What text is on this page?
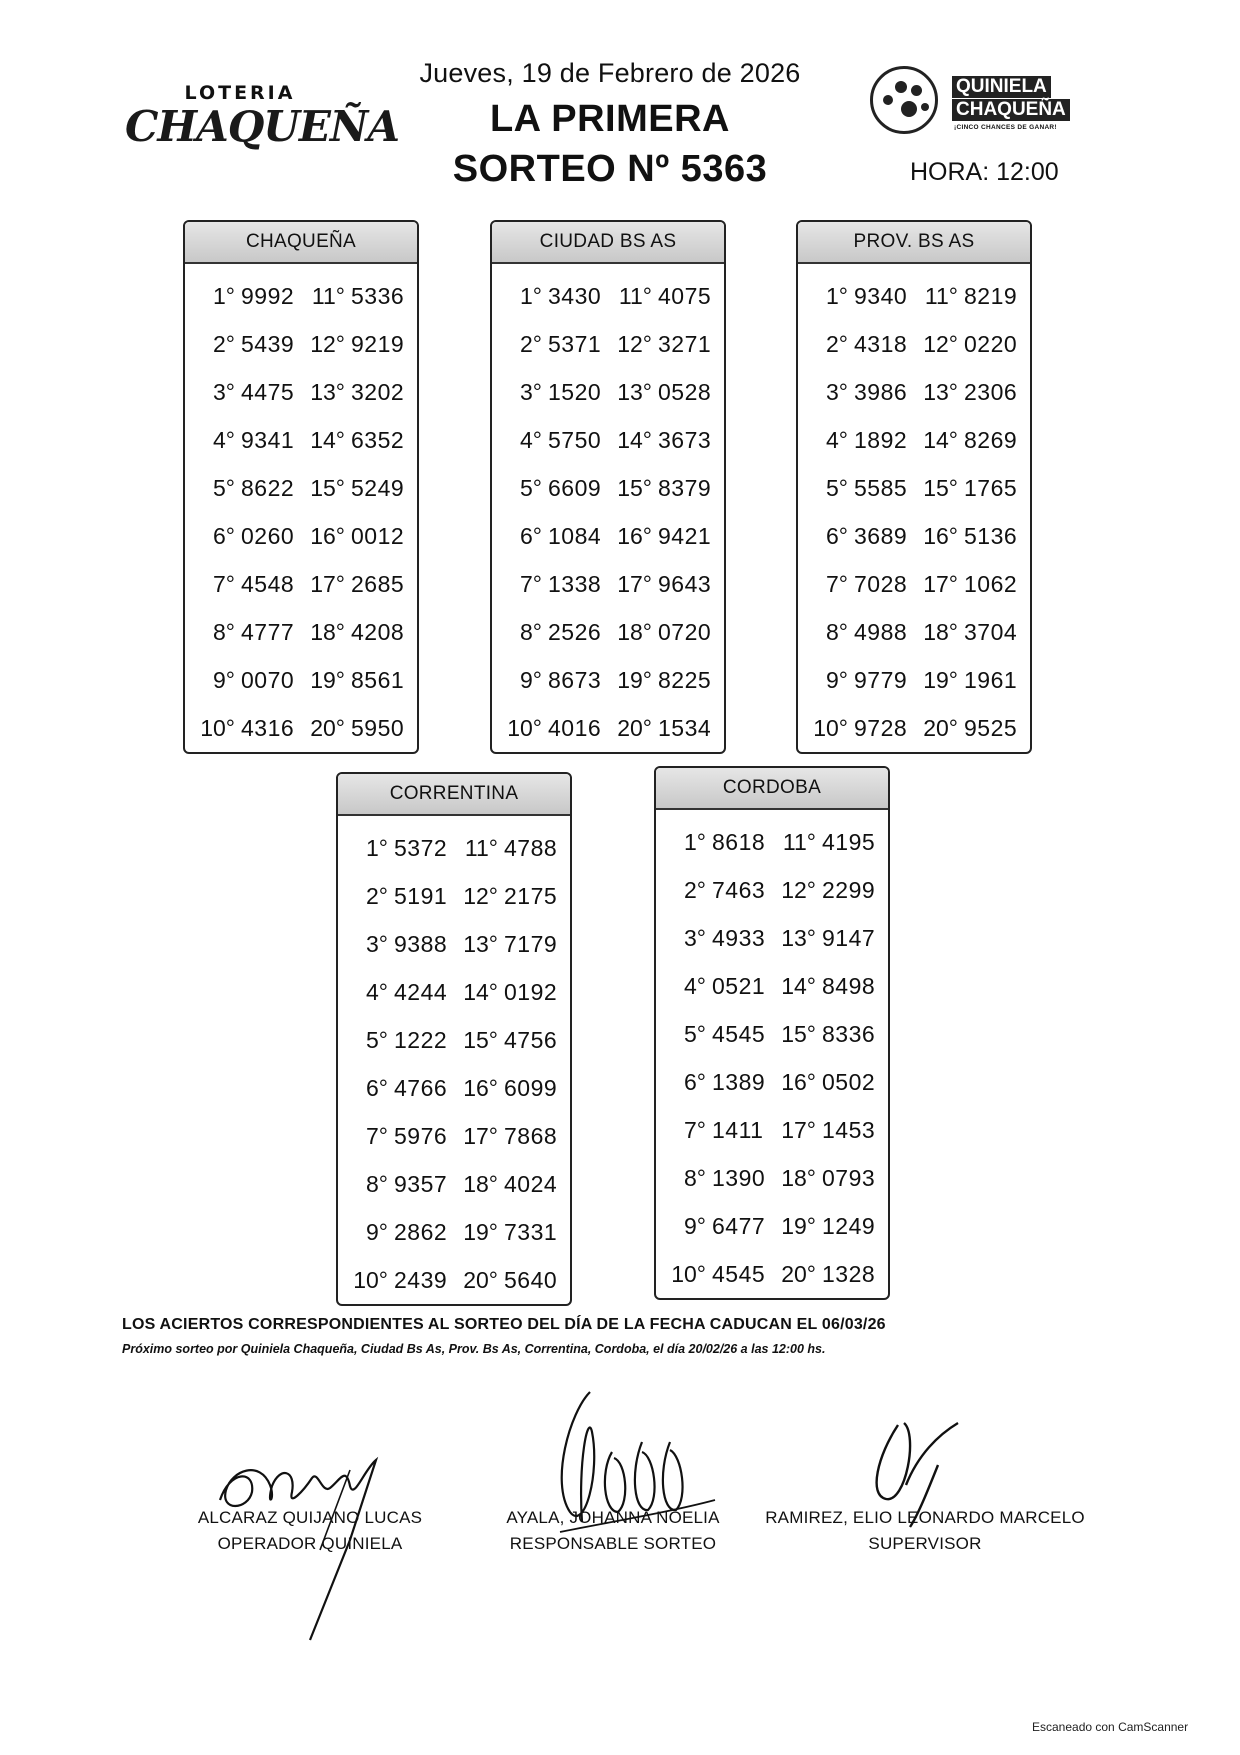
LOTERIA
CHAQUEÑA
QUINIELA
CHAQUEÑA
¡CINCO CHANCES DE GANAR!
Jueves, 19 de Febrero de 2026
LA PRIMERA
SORTEO Nº 5363	HORA: 12:00
CHAQUEÑA
1° 9992 11° 5336
2° 5439 12° 9219
3° 4475 13° 3202
4° 9341 14° 6352
5° 8622 15° 5249
6° 0260 16° 0012
7° 4548 17° 2685
8° 4777 18° 4208
9° 0070 19° 8561
10° 4316 20° 5950
CIUDAD BS AS
1° 3430 11° 4075
2° 5371 12° 3271
3° 1520 13° 0528
4° 5750 14° 3673
5° 6609 15° 8379
6° 1084 16° 9421
7° 1338 17° 9643
8° 2526 18° 0720
9° 8673 19° 8225
10° 4016 20° 1534
PROV. BS AS
1° 9340 11° 8219
2° 4318 12° 0220
3° 3986 13° 2306
4° 1892 14° 8269
5° 5585 15° 1765
6° 3689 16° 5136
7° 7028 17° 1062
8° 4988 18° 3704
9° 9779 19° 1961
10° 9728 20° 9525
CORRENTINA
1° 5372 11° 4788
2° 5191 12° 2175
3° 9388 13° 7179
4° 4244 14° 0192
5° 1222 15° 4756
6° 4766 16° 6099
7° 5976 17° 7868
8° 9357 18° 4024
9° 2862 19° 7331
10° 2439 20° 5640
CORDOBA
1° 8618 11° 4195
2° 7463 12° 2299
3° 4933 13° 9147
4° 0521 14° 8498
5° 4545 15° 8336
6° 1389 16° 0502
7° 1411 17° 1453
8° 1390 18° 0793
9° 6477 19° 1249
10° 4545 20° 1328
LOS ACIERTOS CORRESPONDIENTES AL SORTEO DEL DÍA DE LA FECHA CADUCAN EL 06/03/26
Próximo sorteo por Quiniela Chaqueña, Ciudad Bs As, Prov. Bs As, Correntina, Cordoba, el día 20/02/26 a las 12:00 hs.
ALCARAZ QUIJANO LUCAS
OPERADOR QUINIELA
AYALA, JOHANNA NOELIA
RESPONSABLE SORTEO
RAMIREZ, ELIO LEONARDO MARCELO
SUPERVISOR
Escaneado con CamScanner
